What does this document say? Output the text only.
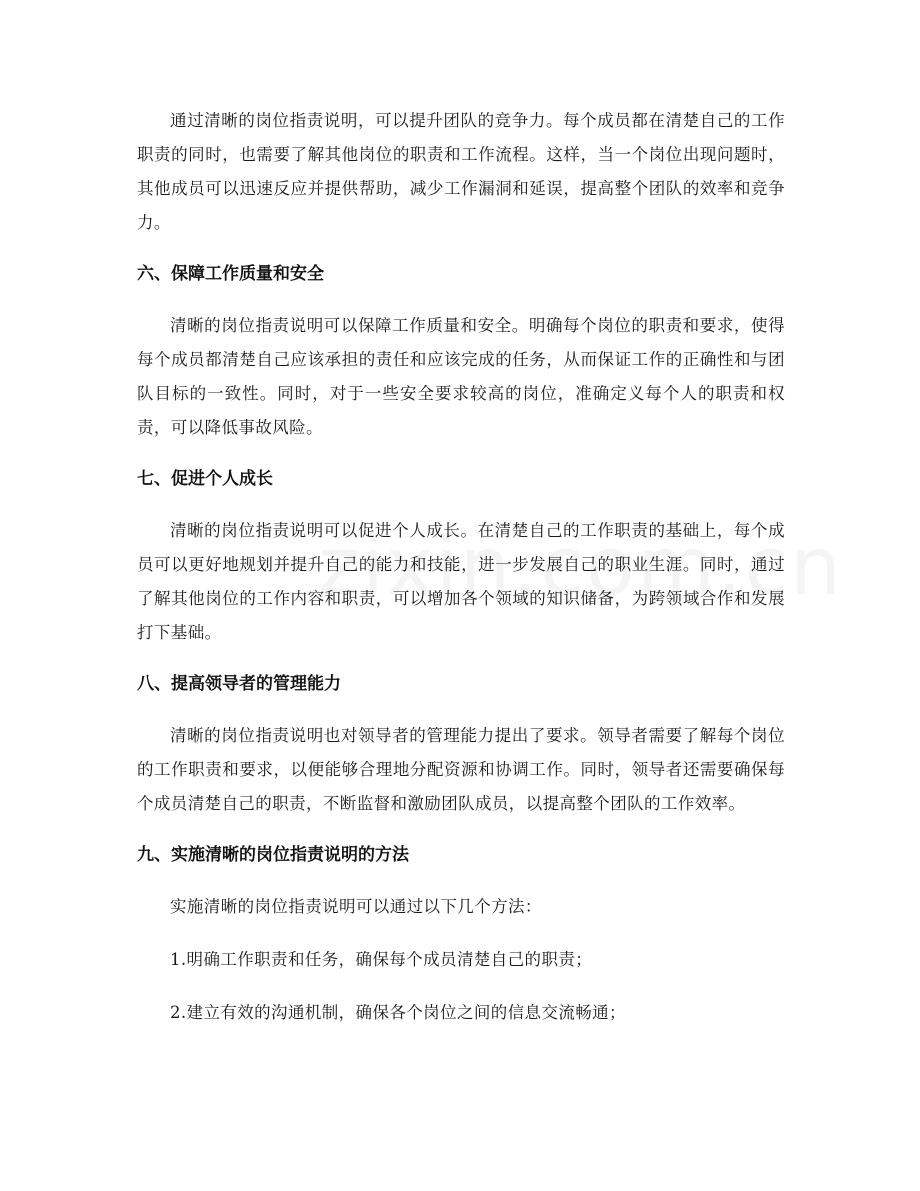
通过清晰的岗位指责说明，可以提升团队的竞争力。每个成员都在清楚自己的工作职责的同时，也需要了解其他岗位的职责和工作流程。这样，当一个岗位出现问题时，其他成员可以迅速反应并提供帮助，减少工作漏洞和延误，提高整个团队的效率和竞争力。

六、保障工作质量和安全

清晰的岗位指责说明可以保障工作质量和安全。明确每个岗位的职责和要求，使得每个成员都清楚自己应该承担的责任和应该完成的任务，从而保证工作的正确性和与团队目标的一致性。同时，对于一些安全要求较高的岗位，准确定义每个人的职责和权责，可以降低事故风险。

七、促进个人成长

清晰的岗位指责说明可以促进个人成长。在清楚自己的工作职责的基础上，每个成员可以更好地规划并提升自己的能力和技能，进一步发展自己的职业生涯。同时，通过了解其他岗位的工作内容和职责，可以增加各个领域的知识储备，为跨领域合作和发展打下基础。

八、提高领导者的管理能力

清晰的岗位指责说明也对领导者的管理能力提出了要求。领导者需要了解每个岗位的工作职责和要求，以便能够合理地分配资源和协调工作。同时，领导者还需要确保每个成员清楚自己的职责，不断监督和激励团队成员，以提高整个团队的工作效率。

九、实施清晰的岗位指责说明的方法

实施清晰的岗位指责说明可以通过以下几个方法：

1.明确工作职责和任务，确保每个成员清楚自己的职责；

2.建立有效的沟通机制，确保各个岗位之间的信息交流畅通；
